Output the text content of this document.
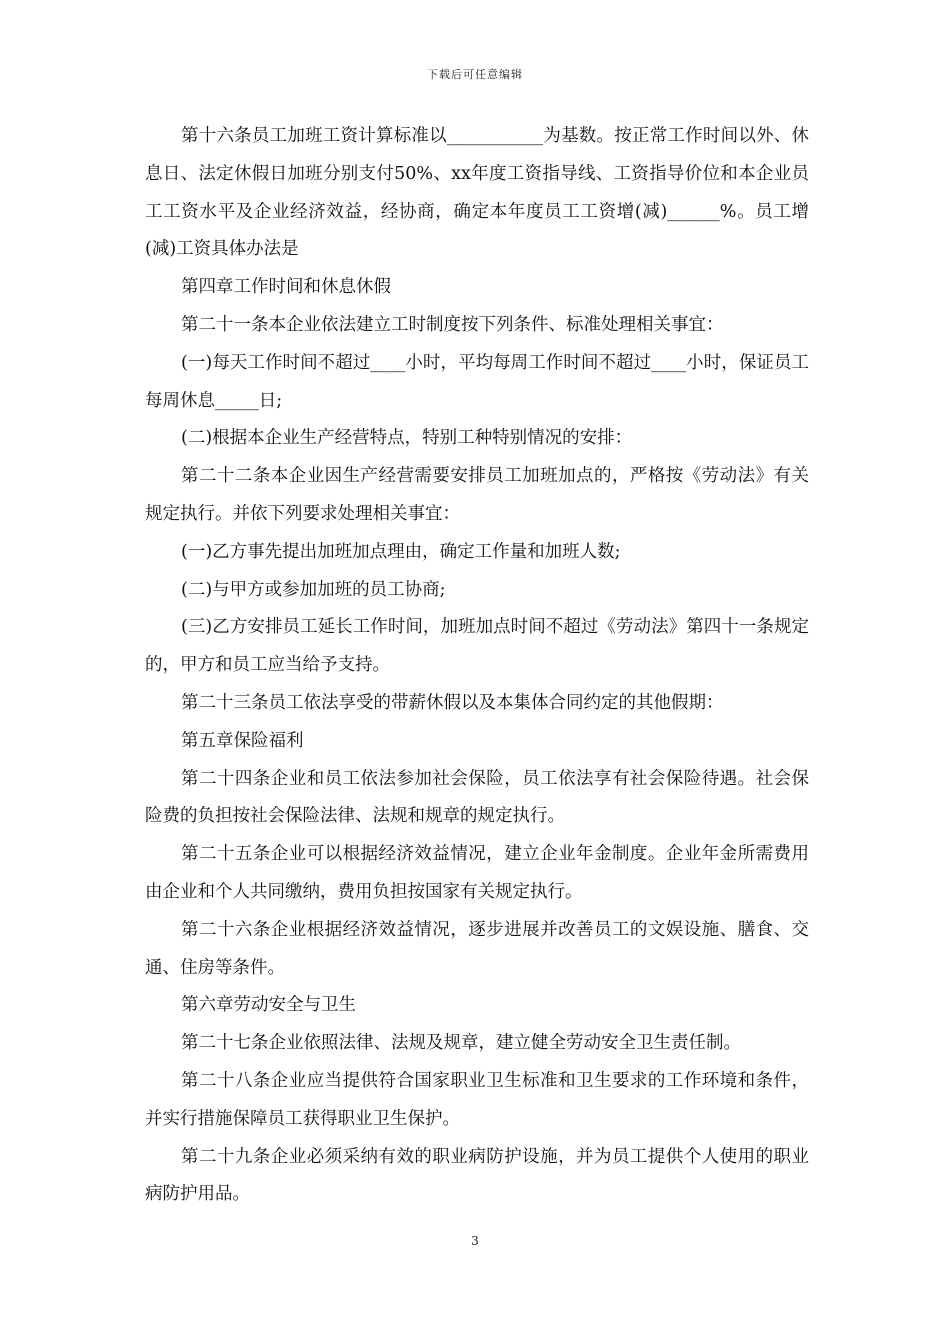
下载后可任意编辑

第十六条员工加班工资计算标准以___________为基数。按正常工作时间以外、休息日、法定休假日加班分别支付50%、xx年度工资指导线、工资指导价位和本企业员工工资水平及企业经济效益，经协商，确定本年度员工工资增(减)______%。员工增(减)工资具体办法是

第四章工作时间和休息休假

第二十一条本企业依法建立工时制度按下列条件、标准处理相关事宜：

(一)每天工作时间不超过____小时，平均每周工作时间不超过____小时，保证员工每周休息_____日;

(二)根据本企业生产经营特点，特别工种特别情况的安排：

第二十二条本企业因生产经营需要安排员工加班加点的，严格按《劳动法》有关规定执行。并依下列要求处理相关事宜：

(一)乙方事先提出加班加点理由，确定工作量和加班人数;

(二)与甲方或参加加班的员工协商;

(三)乙方安排员工延长工作时间，加班加点时间不超过《劳动法》第四十一条规定的，甲方和员工应当给予支持。

第二十三条员工依法享受的带薪休假以及本集体合同约定的其他假期：

第五章保险福利

第二十四条企业和员工依法参加社会保险，员工依法享有社会保险待遇。社会保险费的负担按社会保险法律、法规和规章的规定执行。

第二十五条企业可以根据经济效益情况，建立企业年金制度。企业年金所需费用由企业和个人共同缴纳，费用负担按国家有关规定执行。

第二十六条企业根据经济效益情况，逐步进展并改善员工的文娱设施、膳食、交通、住房等条件。

第六章劳动安全与卫生

第二十七条企业依照法律、法规及规章，建立健全劳动安全卫生责任制。

第二十八条企业应当提供符合国家职业卫生标准和卫生要求的工作环境和条件，并实行措施保障员工获得职业卫生保护。

第二十九条企业必须采纳有效的职业病防护设施，并为员工提供个人使用的职业病防护用品。

3
